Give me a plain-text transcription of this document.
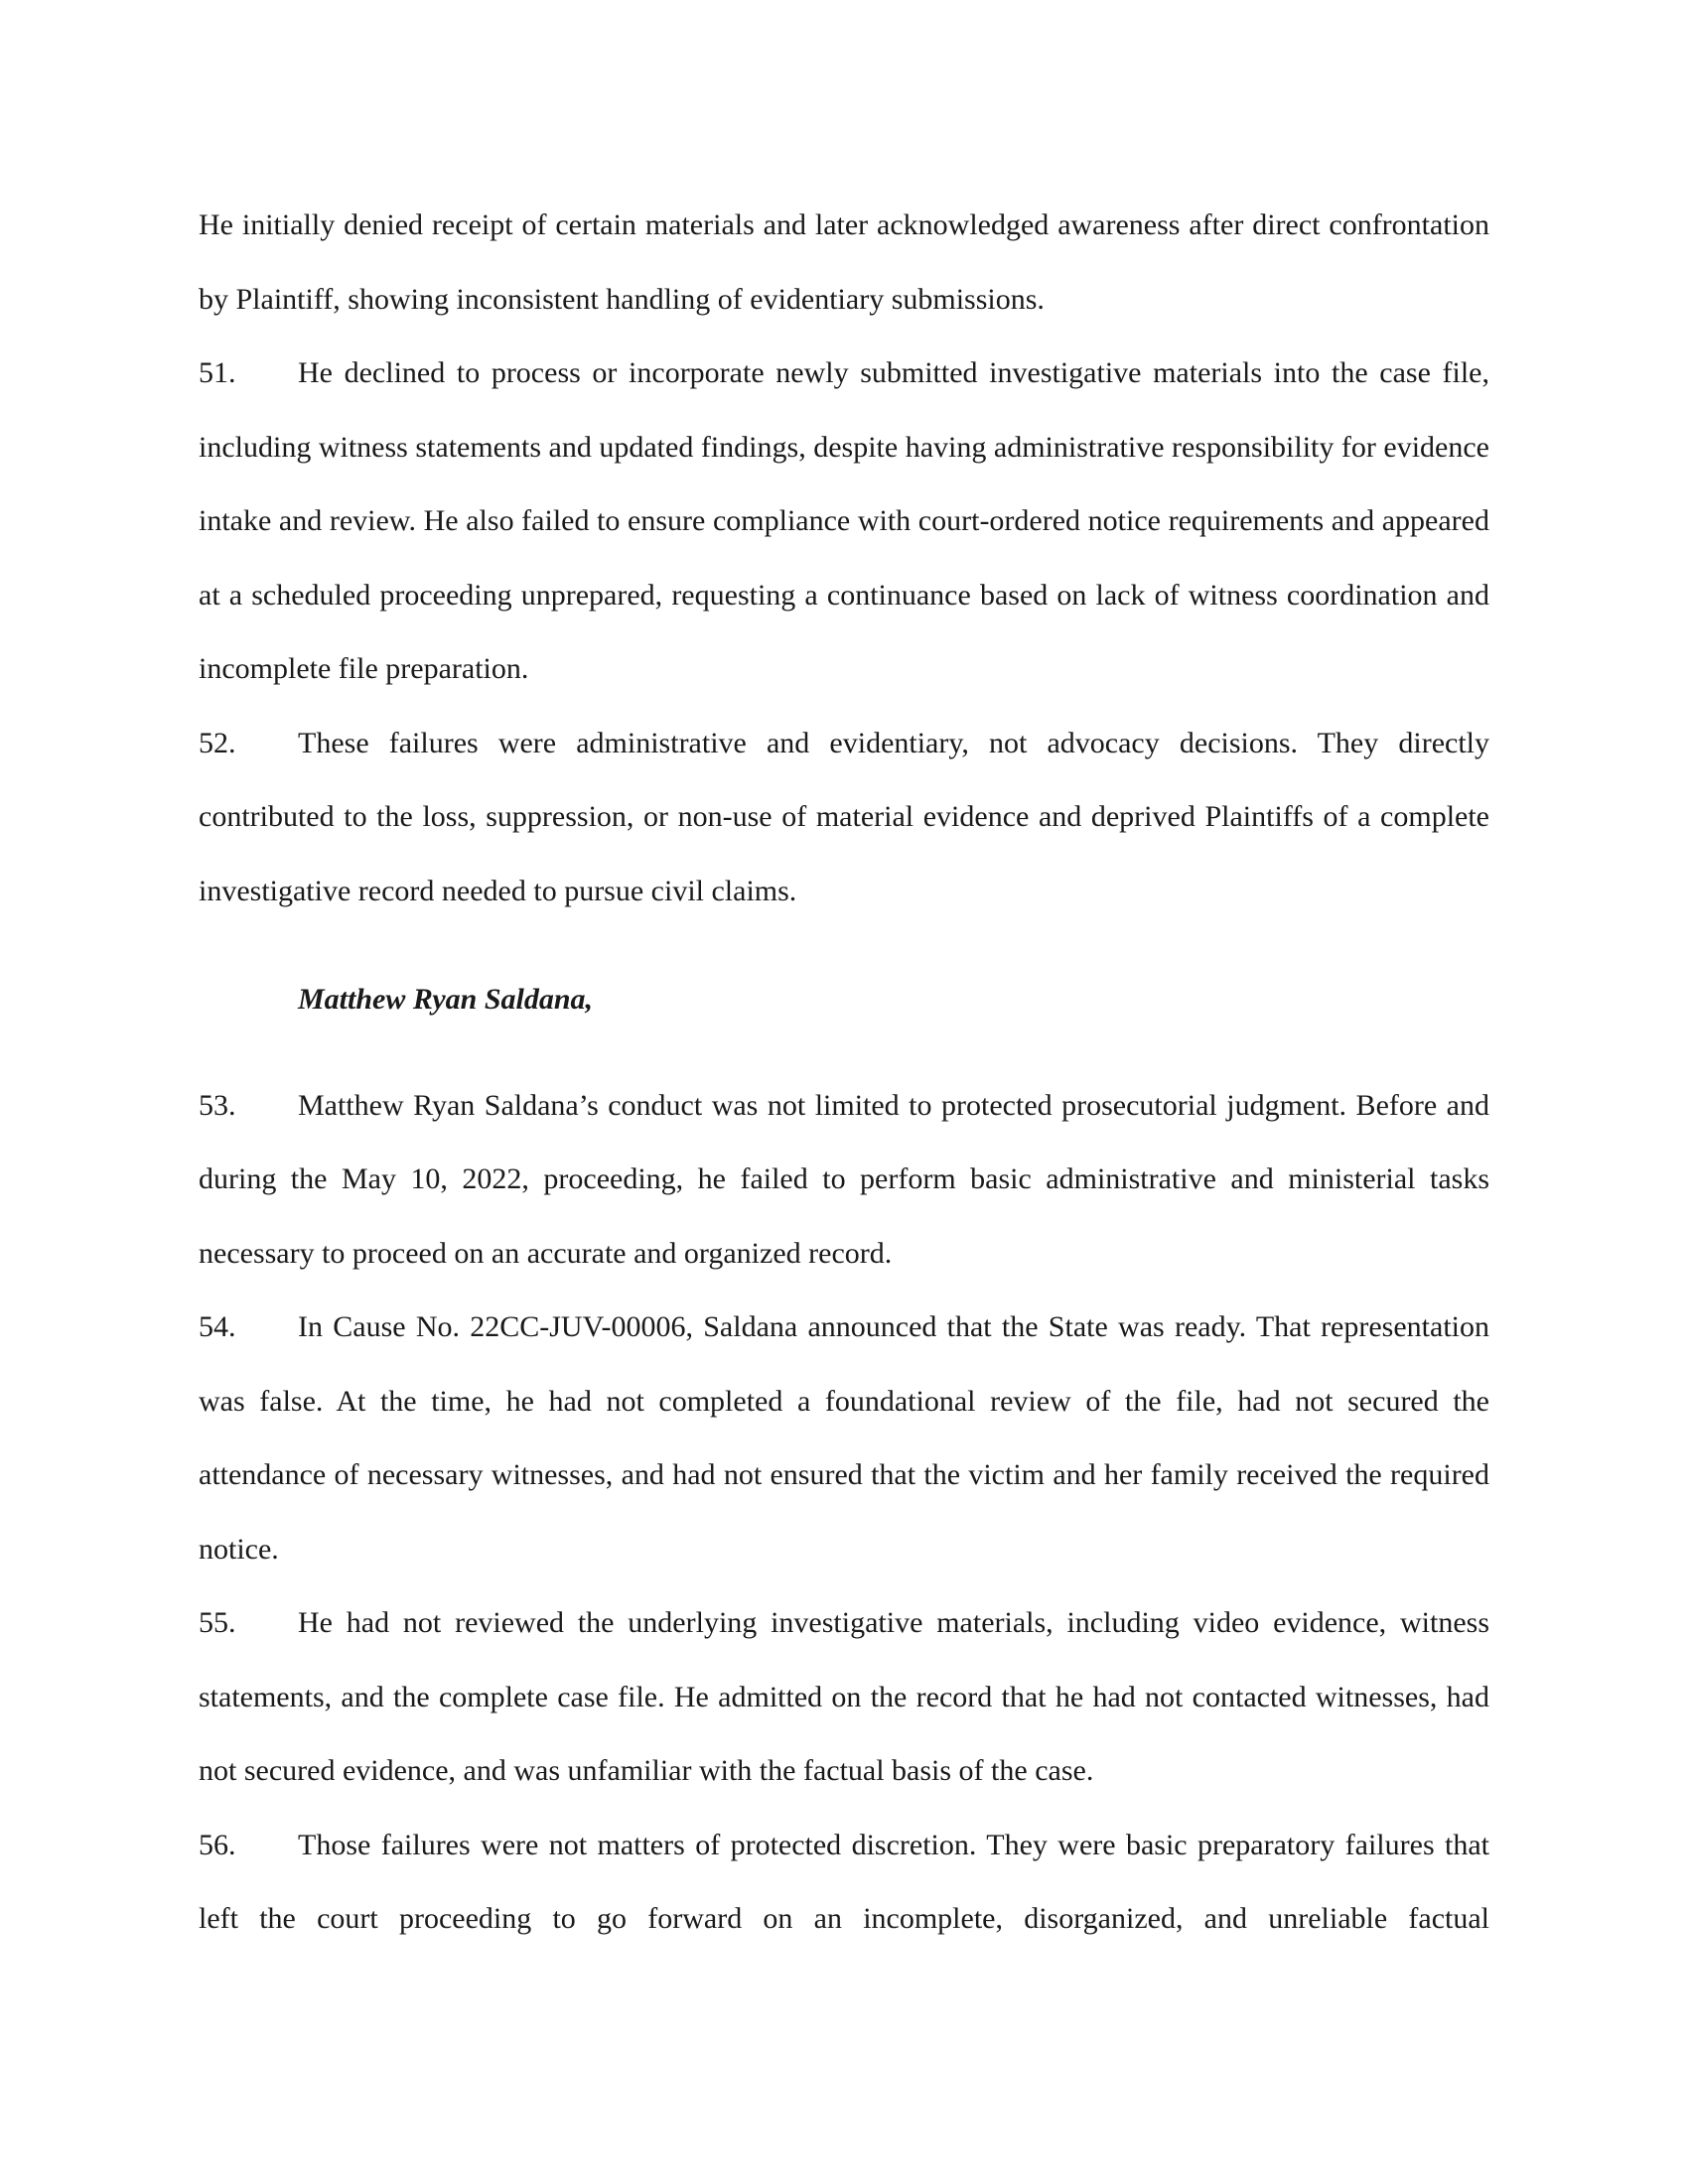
He initially denied receipt of certain materials and later acknowledged awareness after direct confrontation by Plaintiff, showing inconsistent handling of evidentiary submissions.

51. He declined to process or incorporate newly submitted investigative materials into the case file, including witness statements and updated findings, despite having administrative responsibility for evidence intake and review. He also failed to ensure compliance with court-ordered notice requirements and appeared at a scheduled proceeding unprepared, requesting a continuance based on lack of witness coordination and incomplete file preparation.

52. These failures were administrative and evidentiary, not advocacy decisions. They directly contributed to the loss, suppression, or non-use of material evidence and deprived Plaintiffs of a complete investigative record needed to pursue civil claims.

Matthew Ryan Saldana,

53. Matthew Ryan Saldana’s conduct was not limited to protected prosecutorial judgment. Before and during the May 10, 2022, proceeding, he failed to perform basic administrative and ministerial tasks necessary to proceed on an accurate and organized record.

54. In Cause No. 22CC-JUV-00006, Saldana announced that the State was ready. That representation was false. At the time, he had not completed a foundational review of the file, had not secured the attendance of necessary witnesses, and had not ensured that the victim and her family received the required notice.

55. He had not reviewed the underlying investigative materials, including video evidence, witness statements, and the complete case file. He admitted on the record that he had not contacted witnesses, had not secured evidence, and was unfamiliar with the factual basis of the case.

56. Those failures were not matters of protected discretion. They were basic preparatory failures that left the court proceeding to go forward on an incomplete, disorganized, and unreliable factual
